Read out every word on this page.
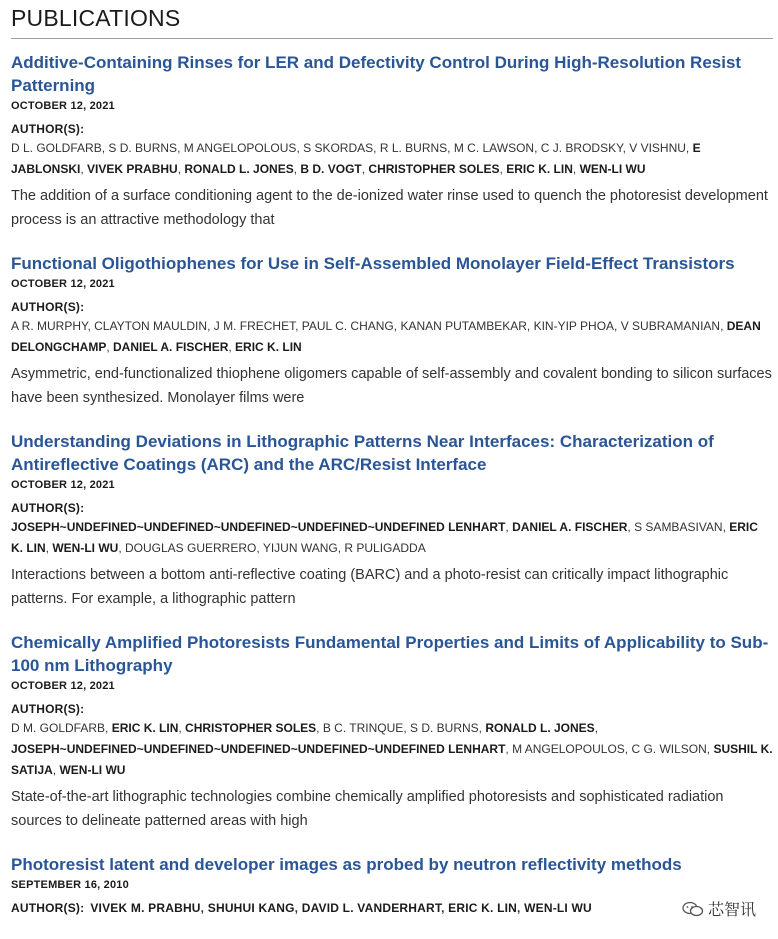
PUBLICATIONS
Additive-Containing Rinses for LER and Defectivity Control During High-Resolution Resist Patterning
OCTOBER 12, 2021
AUTHOR(S):
D L. GOLDFARB, S D. BURNS, M ANGELOPOLOUS, S SKORDAS, R L. BURNS, M C. LAWSON, C J. BRODSKY, V VISHNU, E JABLONSKI, VIVEK PRABHU, RONALD L. JONES, B D. VOGT, CHRISTOPHER SOLES, ERIC K. LIN, WEN-LI WU
The addition of a surface conditioning agent to the de-ionized water rinse used to quench the photoresist development process is an attractive methodology that
Functional Oligothiophenes for Use in Self-Assembled Monolayer Field-Effect Transistors
OCTOBER 12, 2021
AUTHOR(S):
A R. MURPHY, CLAYTON MAULDIN, J M. FRECHET, PAUL C. CHANG, KANAN PUTAMBEKAR, KIN-YIP PHOA, V SUBRAMANIAN, DEAN DELONGCHAMP, DANIEL A. FISCHER, ERIC K. LIN
Asymmetric, end-functionalized thiophene oligomers capable of self-assembly and covalent bonding to silicon surfaces have been synthesized. Monolayer films were
Understanding Deviations in Lithographic Patterns Near Interfaces: Characterization of Antireflective Coatings (ARC) and the ARC/Resist Interface
OCTOBER 12, 2021
AUTHOR(S):
JOSEPH~UNDEFINED~UNDEFINED~UNDEFINED~UNDEFINED~UNDEFINED LENHART, DANIEL A. FISCHER, S SAMBASIVAN, ERIC K. LIN, WEN-LI WU, DOUGLAS GUERRERO, YIJUN WANG, R PULIGADDA
Interactions between a bottom anti-reflective coating (BARC) and a photo-resist can critically impact lithographic patterns. For example, a lithographic pattern
Chemically Amplified Photoresists Fundamental Properties and Limits of Applicability to Sub-100 nm Lithography
OCTOBER 12, 2021
AUTHOR(S):
D M. GOLDFARB, ERIC K. LIN, CHRISTOPHER SOLES, B C. TRINQUE, S D. BURNS, RONALD L. JONES, JOSEPH~UNDEFINED~UNDEFINED~UNDEFINED~UNDEFINED~UNDEFINED LENHART, M ANGELOPOULOS, C G. WILSON, SUSHIL K. SATIJA, WEN-LI WU
State-of-the-art lithographic technologies combine chemically amplified photoresists and sophisticated radiation sources to delineate patterned areas with high
Photoresist latent and developer images as probed by neutron reflectivity methods
SEPTEMBER 16, 2010
AUTHOR(S): VIVEK M. PRABHU, SHUHUI KANG, DAVID L. VANDERHART, ERIC K. LIN, WEN-LI WU	芯智讯
